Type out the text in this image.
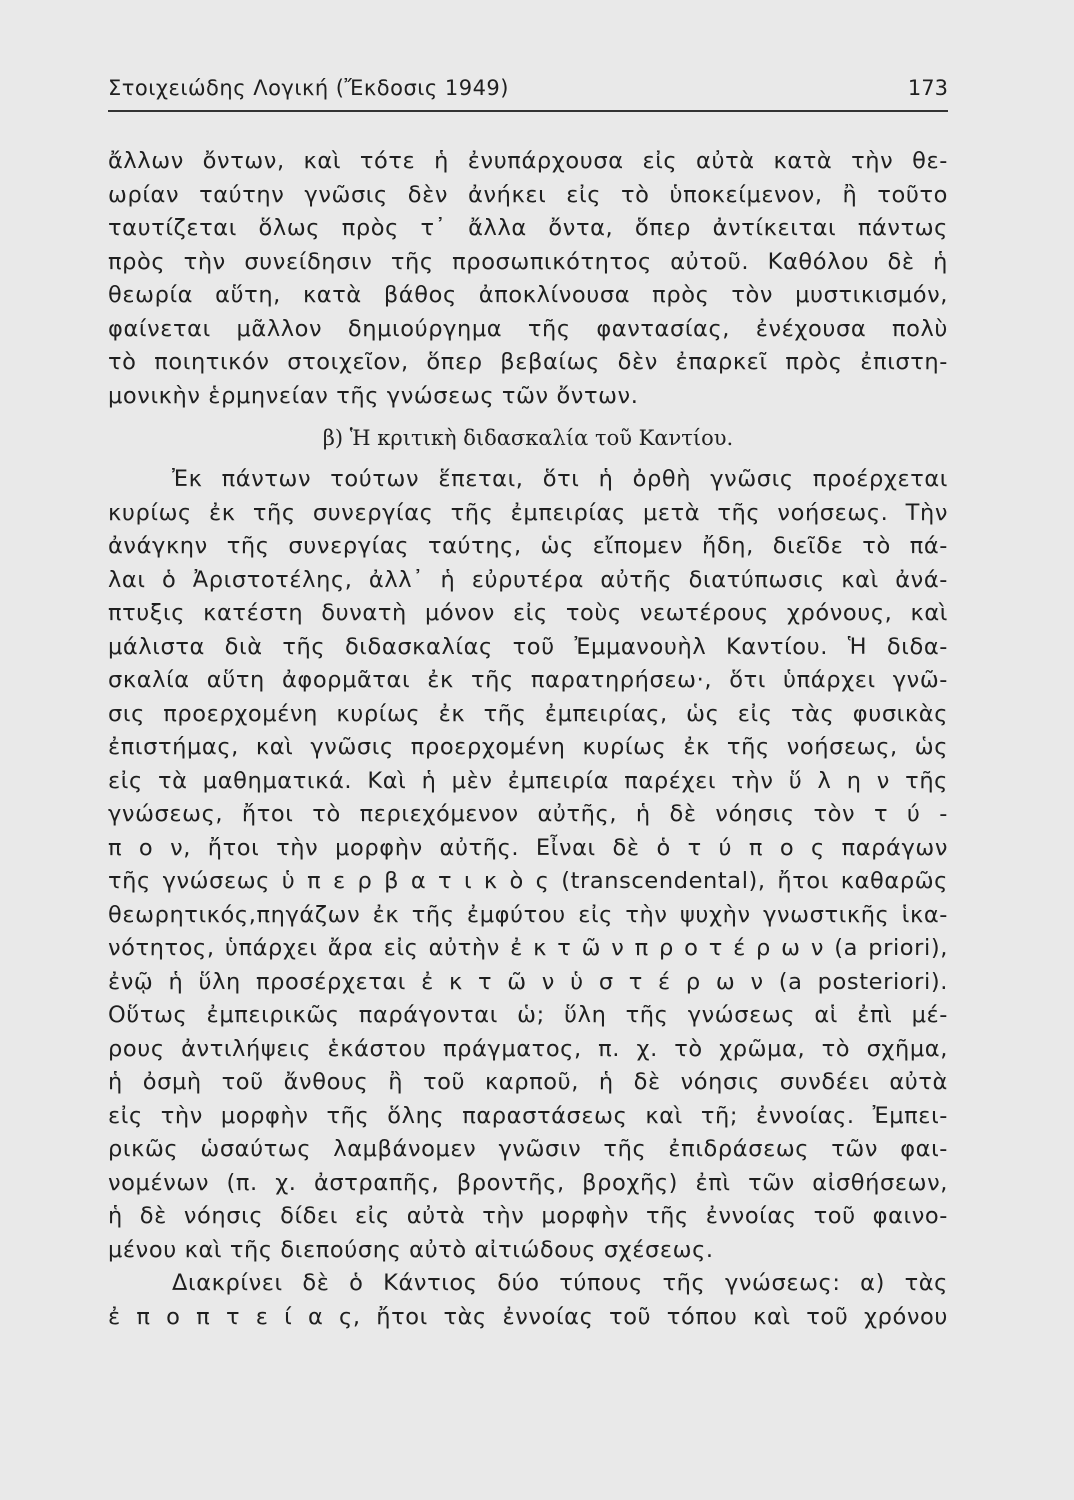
Στοιχειώδης Λογική (Ἔκδοσις 1949)	173
ἄλλων ὄντων, καὶ τότε ἡ ἐνυπάρχουσα εἰς αὐτὰ κατὰ τὴν θε-
ωρίαν ταύτην γνῶσις δὲν ἀνήκει εἰς τὸ ὑποκείμενον, ἢ τοῦτο
ταυτίζεται ὅλως πρὸς τ᾽ ἄλλα ὄντα, ὅπερ ἀντίκειται πάντως
πρὸς τὴν συνείδησιν τῆς προσωπικότητος αὐτοῦ. Καθόλου δὲ ἡ
θεωρία αὕτη, κατὰ βάθος ἀποκλίνουσα πρὸς τὸν μυστικισμόν,
φαίνεται μᾶλλον δημιούργημα τῆς φαντασίας, ἐνέχουσα πολὺ
τὸ ποιητικόν στοιχεῖον, ὅπερ βεβαίως δὲν ἐπαρκεῖ πρὸς ἐπιστη-
μονικὴν ἑρμηνείαν τῆς γνώσεως τῶν ὄντων.
β) Ἡ κριτικὴ διδασκαλία τοῦ Καντίου.
Ἐκ πάντων τούτων ἕπεται, ὅτι ἡ ὀρθὴ γνῶσις προέρχεται
κυρίως ἐκ τῆς συνεργίας τῆς ἐμπειρίας μετὰ τῆς νοήσεως. Τὴν
ἀνάγκην τῆς συνεργίας ταύτης, ὡς εἴπομεν ἤδη, διεῖδε τὸ πά-
λαι ὁ Ἀριστοτέλης, ἀλλ᾽ ἡ εὐρυτέρα αὐτῆς διατύπωσις καὶ ἀνά-
πτυξις κατέστη δυνατὴ μόνον εἰς τοὺς νεωτέρους χρόνους, καὶ
μάλιστα διὰ τῆς διδασκαλίας τοῦ Ἐμμανουὴλ Καντίου. Ἡ διδα-
σκαλία αὕτη ἀφορμᾶται ἐκ τῆς παρατηρήσεω·, ὅτι ὑπάρχει γνῶ-
σις προερχομένη κυρίως ἐκ τῆς ἐμπειρίας, ὡς εἰς τὰς φυσικὰς
ἐπιστήμας, καὶ γνῶσις προερχομένη κυρίως ἐκ τῆς νοήσεως, ὡς
εἰς τὰ μαθηματικά. Καὶ ἡ μὲν ἐμπειρία παρέχει τὴν ὕ λ η ν τῆς
γνώσεως, ἤτοι τὸ περιεχόμενον αὐτῆς, ἡ δὲ νόησις τὸν τ ύ -
π ο ν, ἤτοι τὴν μορφὴν αὐτῆς. Εἶναι δὲ ὁ τ ύ π ο ς παράγων
τῆς γνώσεως ὑ π ε ρ β α τ ι κ ὸ ς (transcendental), ἤτοι καθαρῶς
θεωρητικός,πηγάζων ἐκ τῆς ἐμφύτου εἰς τὴν ψυχὴν γνωστικῆς ἱκα-
νότητος, ὑπάρχει ἄρα εἰς αὐτὴν ἐ κ τ ῶ ν π ρ ο τ έ ρ ω ν (a priori),
ἐνῷ ἡ ὕλη προσέρχεται ἐ κ τ ῶ ν ὑ σ τ έ ρ ω ν (a posteriori).
Οὕτως ἐμπειρικῶς παράγονται ὡ; ὕλη τῆς γνώσεως αἱ ἐπὶ μέ-
ρους ἀντιλήψεις ἑκάστου πράγματος, π. χ. τὸ χρῶμα, τὸ σχῆμα,
ἡ ὀσμὴ τοῦ ἄνθους ἢ τοῦ καρποῦ, ἡ δὲ νόησις συνδέει αὐτὰ
εἰς τὴν μορφὴν τῆς ὅλης παραστάσεως καὶ τῆ; ἐννοίας. Ἐμπει-
ρικῶς ὡσαύτως λαμβάνομεν γνῶσιν τῆς ἐπιδράσεως τῶν φαι-
νομένων (π. χ. ἀστραπῆς, βροντῆς, βροχῆς) ἐπὶ τῶν αἰσθήσεων,
ἡ δὲ νόησις δίδει εἰς αὐτὰ τὴν μορφὴν τῆς ἐννοίας τοῦ φαινο-
μένου καὶ τῆς διεπούσης αὐτὸ αἰτιώδους σχέσεως.
Διακρίνει δὲ ὁ Κάντιος δύο τύπους τῆς γνώσεως: α) τὰς
ἐ π ο π τ ε ί α ς, ἤτοι τὰς ἐννοίας τοῦ τόπου καὶ τοῦ χρόνου
